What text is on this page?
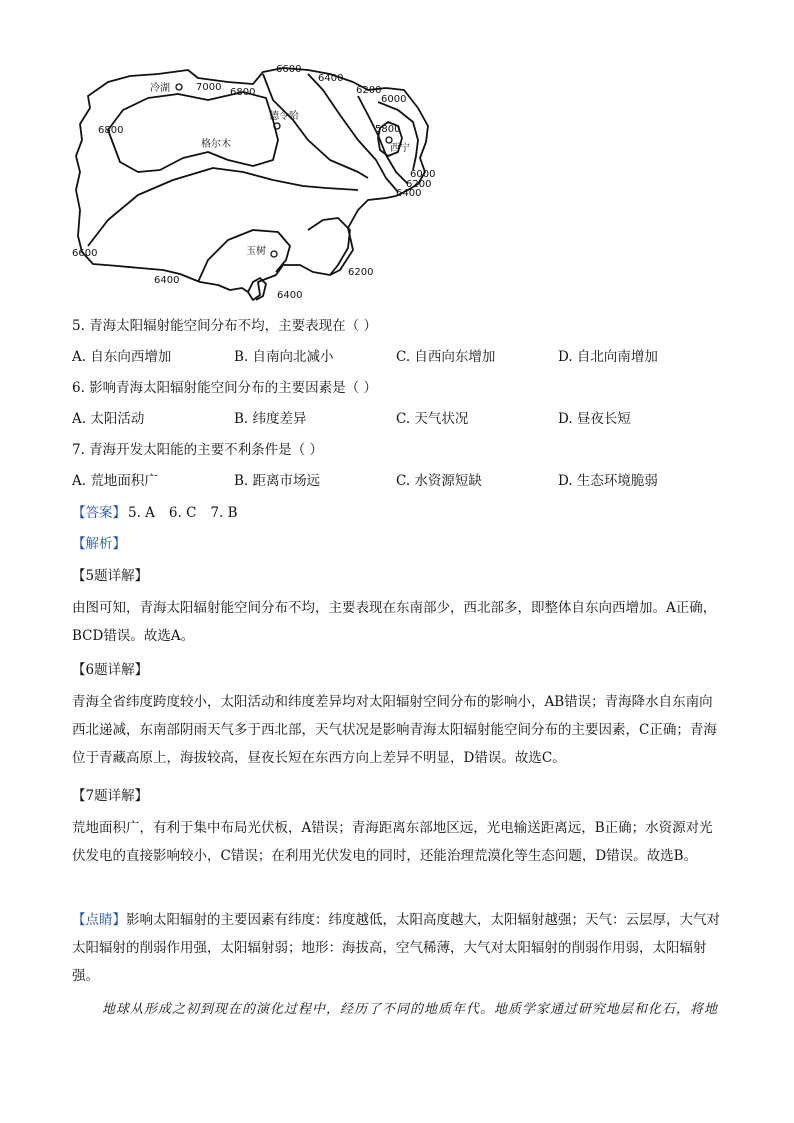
冷湖
德令哈
格尔木	西宁
玉树
7000 6800
6800
6600
6400
6200
6000
5800
6000
6200
6400
6600
6400
6200
6400
5. 青海太阳辐射能空间分布不均，主要表现在（ ）
A. 自东向西增加	B. 自南向北减小	C. 自西向东增加	D. 自北向南增加
6. 影响青海太阳辐射能空间分布的主要因素是（ ）
A. 太阳活动	B. 纬度差异	C. 天气状况	D. 昼夜长短
7. 青海开发太阳能的主要不利条件是（ ）
A. 荒地面积广	B. 距离市场远	C. 水资源短缺	D. 生态环境脆弱
【答案】 5. A 6. C 7. B
【解析】
【5题详解】
由图可知，青海太阳辐射能空间分布不均，主要表现在东南部少，西北部多，即整体自东向西增加。A正确，BCD错误。故选A。
【6题详解】
青海全省纬度跨度较小，太阳活动和纬度差异均对太阳辐射空间分布的影响小，AB错误；青海降水自东南向西北递减，东南部阴雨天气多于西北部，天气状况是影响青海太阳辐射能空间分布的主要因素，C正确；青海位于青藏高原上，海拔较高，昼夜长短在东西方向上差异不明显，D错误。故选C。
【7题详解】
荒地面积广，有利于集中布局光伏板，A错误；青海距离东部地区远，光电输送距离远，B正确；水资源对光伏发电的直接影响较小，C错误；在利用光伏发电的同时，还能治理荒漠化等生态问题，D错误。故选B。
【点睛】影响太阳辐射的主要因素有纬度：纬度越低，太阳高度越大，太阳辐射越强；天气：云层厚，大气对太阳辐射的削弱作用强，太阳辐射弱；地形：海拔高，空气稀薄，大气对太阳辐射的削弱作用弱，太阳辐射强。
地球从形成之初到现在的演化过程中，经历了不同的地质年代。地质学家通过研究地层和化石，将地
